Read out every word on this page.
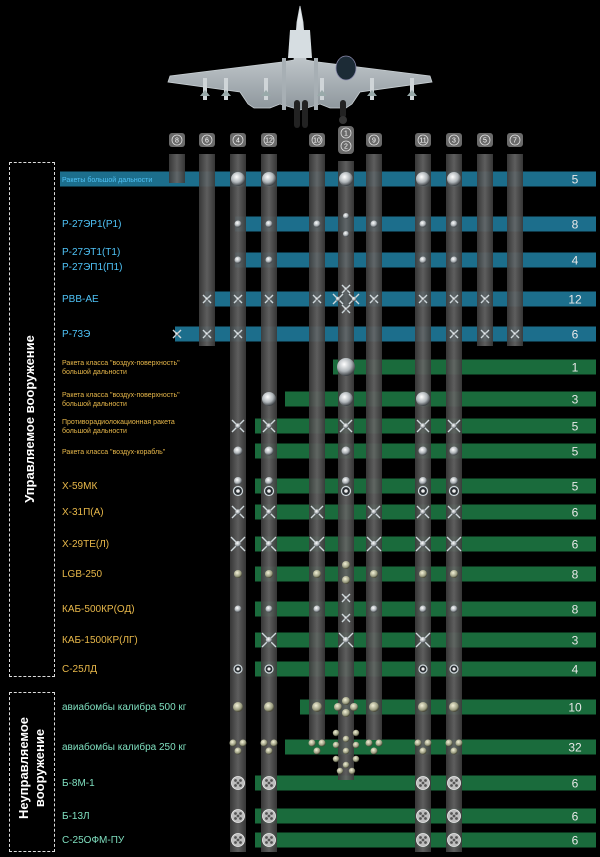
8	6	4	12	10
1
2
9	11	3	5	7
Ракеты большой дальности	5
Р-27ЭР1(Р1)	8
Р-27ЭТ1(Т1)
Р-27ЭП1(П1)	4
РВВ-АЕ	12
Р-73Э	6
Ракета класса "воздух-поверхность"
большой дальности	1
Ракета класса "воздух-поверхность"
большой дальности	3
Противорадиолокационная ракета
большой дальности	5
Ракета класса "воздух-корабль"	5
Х-59МК	5
Х-31П(А)	6
Х-29ТЕ(Л)	6
LGB-250	8
КАБ-500КР(ОД)	8
КАБ-1500КР(ЛГ)	3
С-25ЛД	4
авиабомбы калибра 500 кг	10
авиабомбы калибра 250 кг	32
Б-8М-1	6
Б-13Л	6
С-25ОФМ-ПУ	6
Управляемое вооружение
Неуправляемое вооружение
